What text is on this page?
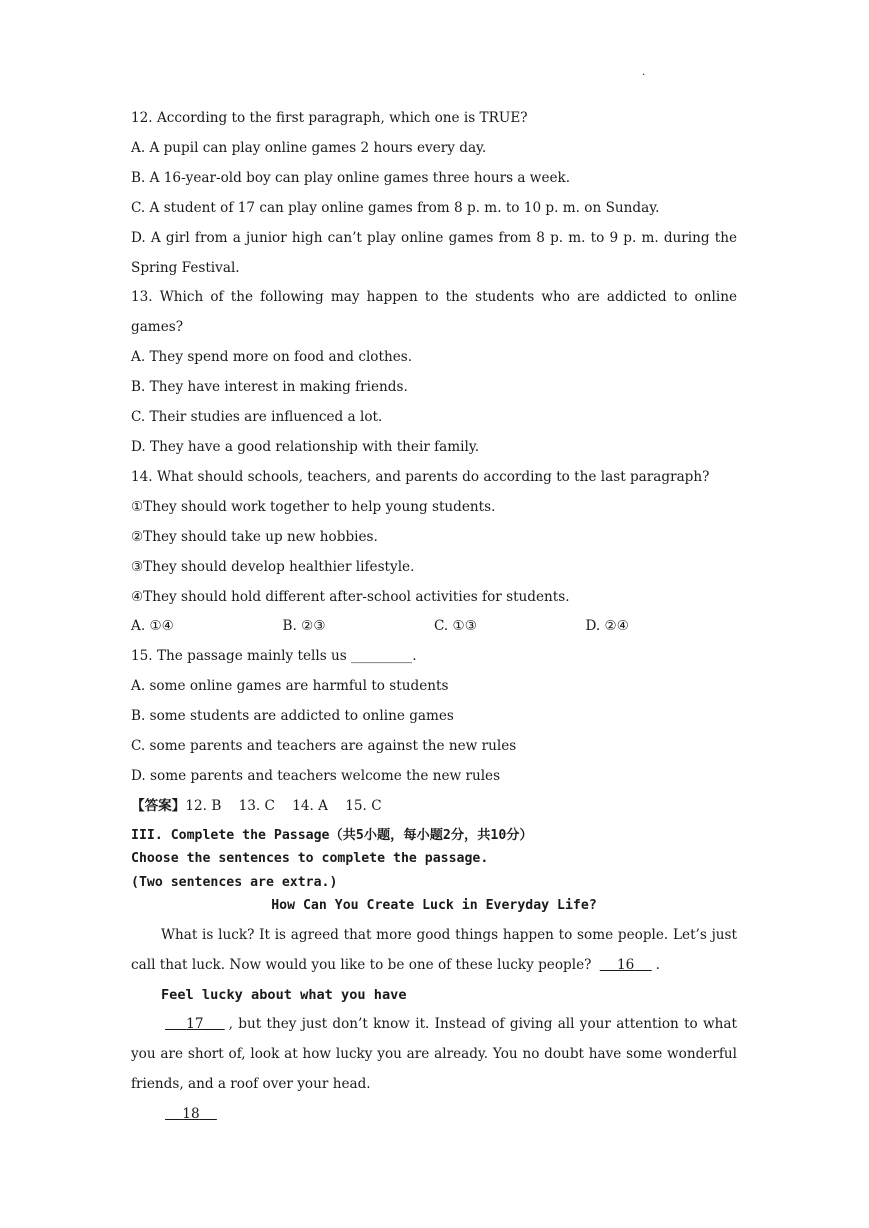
·
12. According to the first paragraph, which one is TRUE?
A. A pupil can play online games 2 hours every day.
B. A 16-year-old boy can play online games three hours a week.
C. A student of 17 can play online games from 8 p. m. to 10 p. m. on Sunday.
D. A girl from a junior high can’t play online games from 8 p. m. to 9 p. m. during the Spring Festival.
13. Which of the following may happen to the students who are addicted to online games?
A. They spend more on food and clothes.
B. They have interest in making friends.
C. Their studies are influenced a lot.
D. They have a good relationship with their family.
14. What should schools, teachers, and parents do according to the last paragraph?
①They should work together to help young students.
②They should take up new hobbies.
③They should develop healthier lifestyle.
④They should hold different after-school activities for students.
A. ①④	B. ②③	C. ①③	D. ②④
15. The passage mainly tells us _________.
A. some online games are harmful to students
B. some students are addicted to online games
C. some parents and teachers are against the new rules
D. some parents and teachers welcome the new rules
【答案】12. B    13. C    14. A    15. C
III. Complete the Passage（共5小题，每小题2分，共10分）
Choose the sentences to complete the passage.
(Two sentences are extra.)
How Can You Create Luck in Everyday Life?
What is luck? It is agreed that more good things happen to some people. Let’s just call that luck. Now would you like to be one of these lucky people? 16 .
Feel lucky about what you have
17 , but they just don’t know it. Instead of giving all your attention to what you are short of, look at how lucky you are already. You no doubt have some wonderful friends, and a roof over your head.
18
